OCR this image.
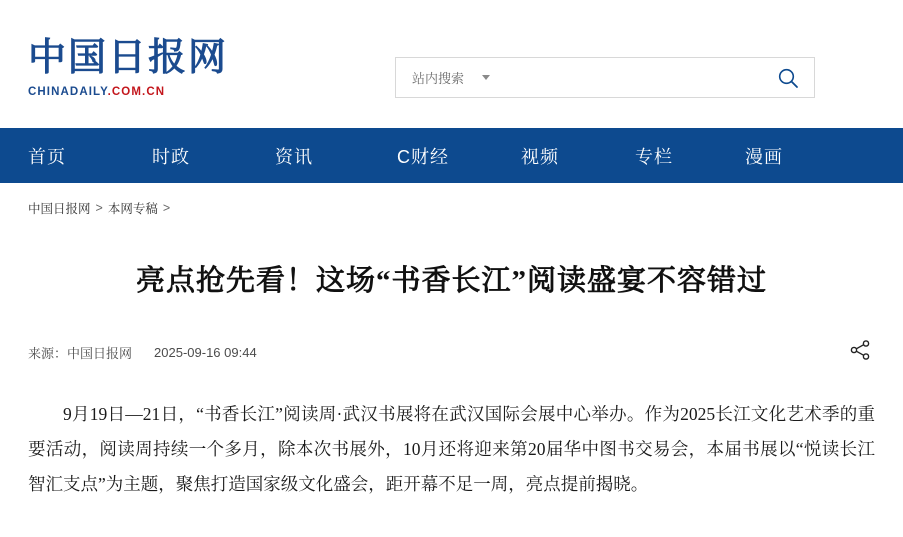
中国日报网
CHINADAILY.COM.CN
站内搜索
首页	时政	资讯	C财经	视频	专栏	漫画
中国日报网 > 本网专稿 >
亮点抢先看！这场“书香长江”阅读盛宴不容错过
来源：中国日报网 2025-09-16 09:44

9月19日—21日，“书香长江”阅读周·武汉书展将在武汉国际会展中心举办。作为2025长江文化艺术季的重要活动，阅读周持续一个多月，除本次书展外，10月还将迎来第20届华中图书交易会，本届书展以“悦读长江 智汇支点”为主题，聚焦打造国家级文化盛会，距开幕不足一周，亮点提前揭晓。
